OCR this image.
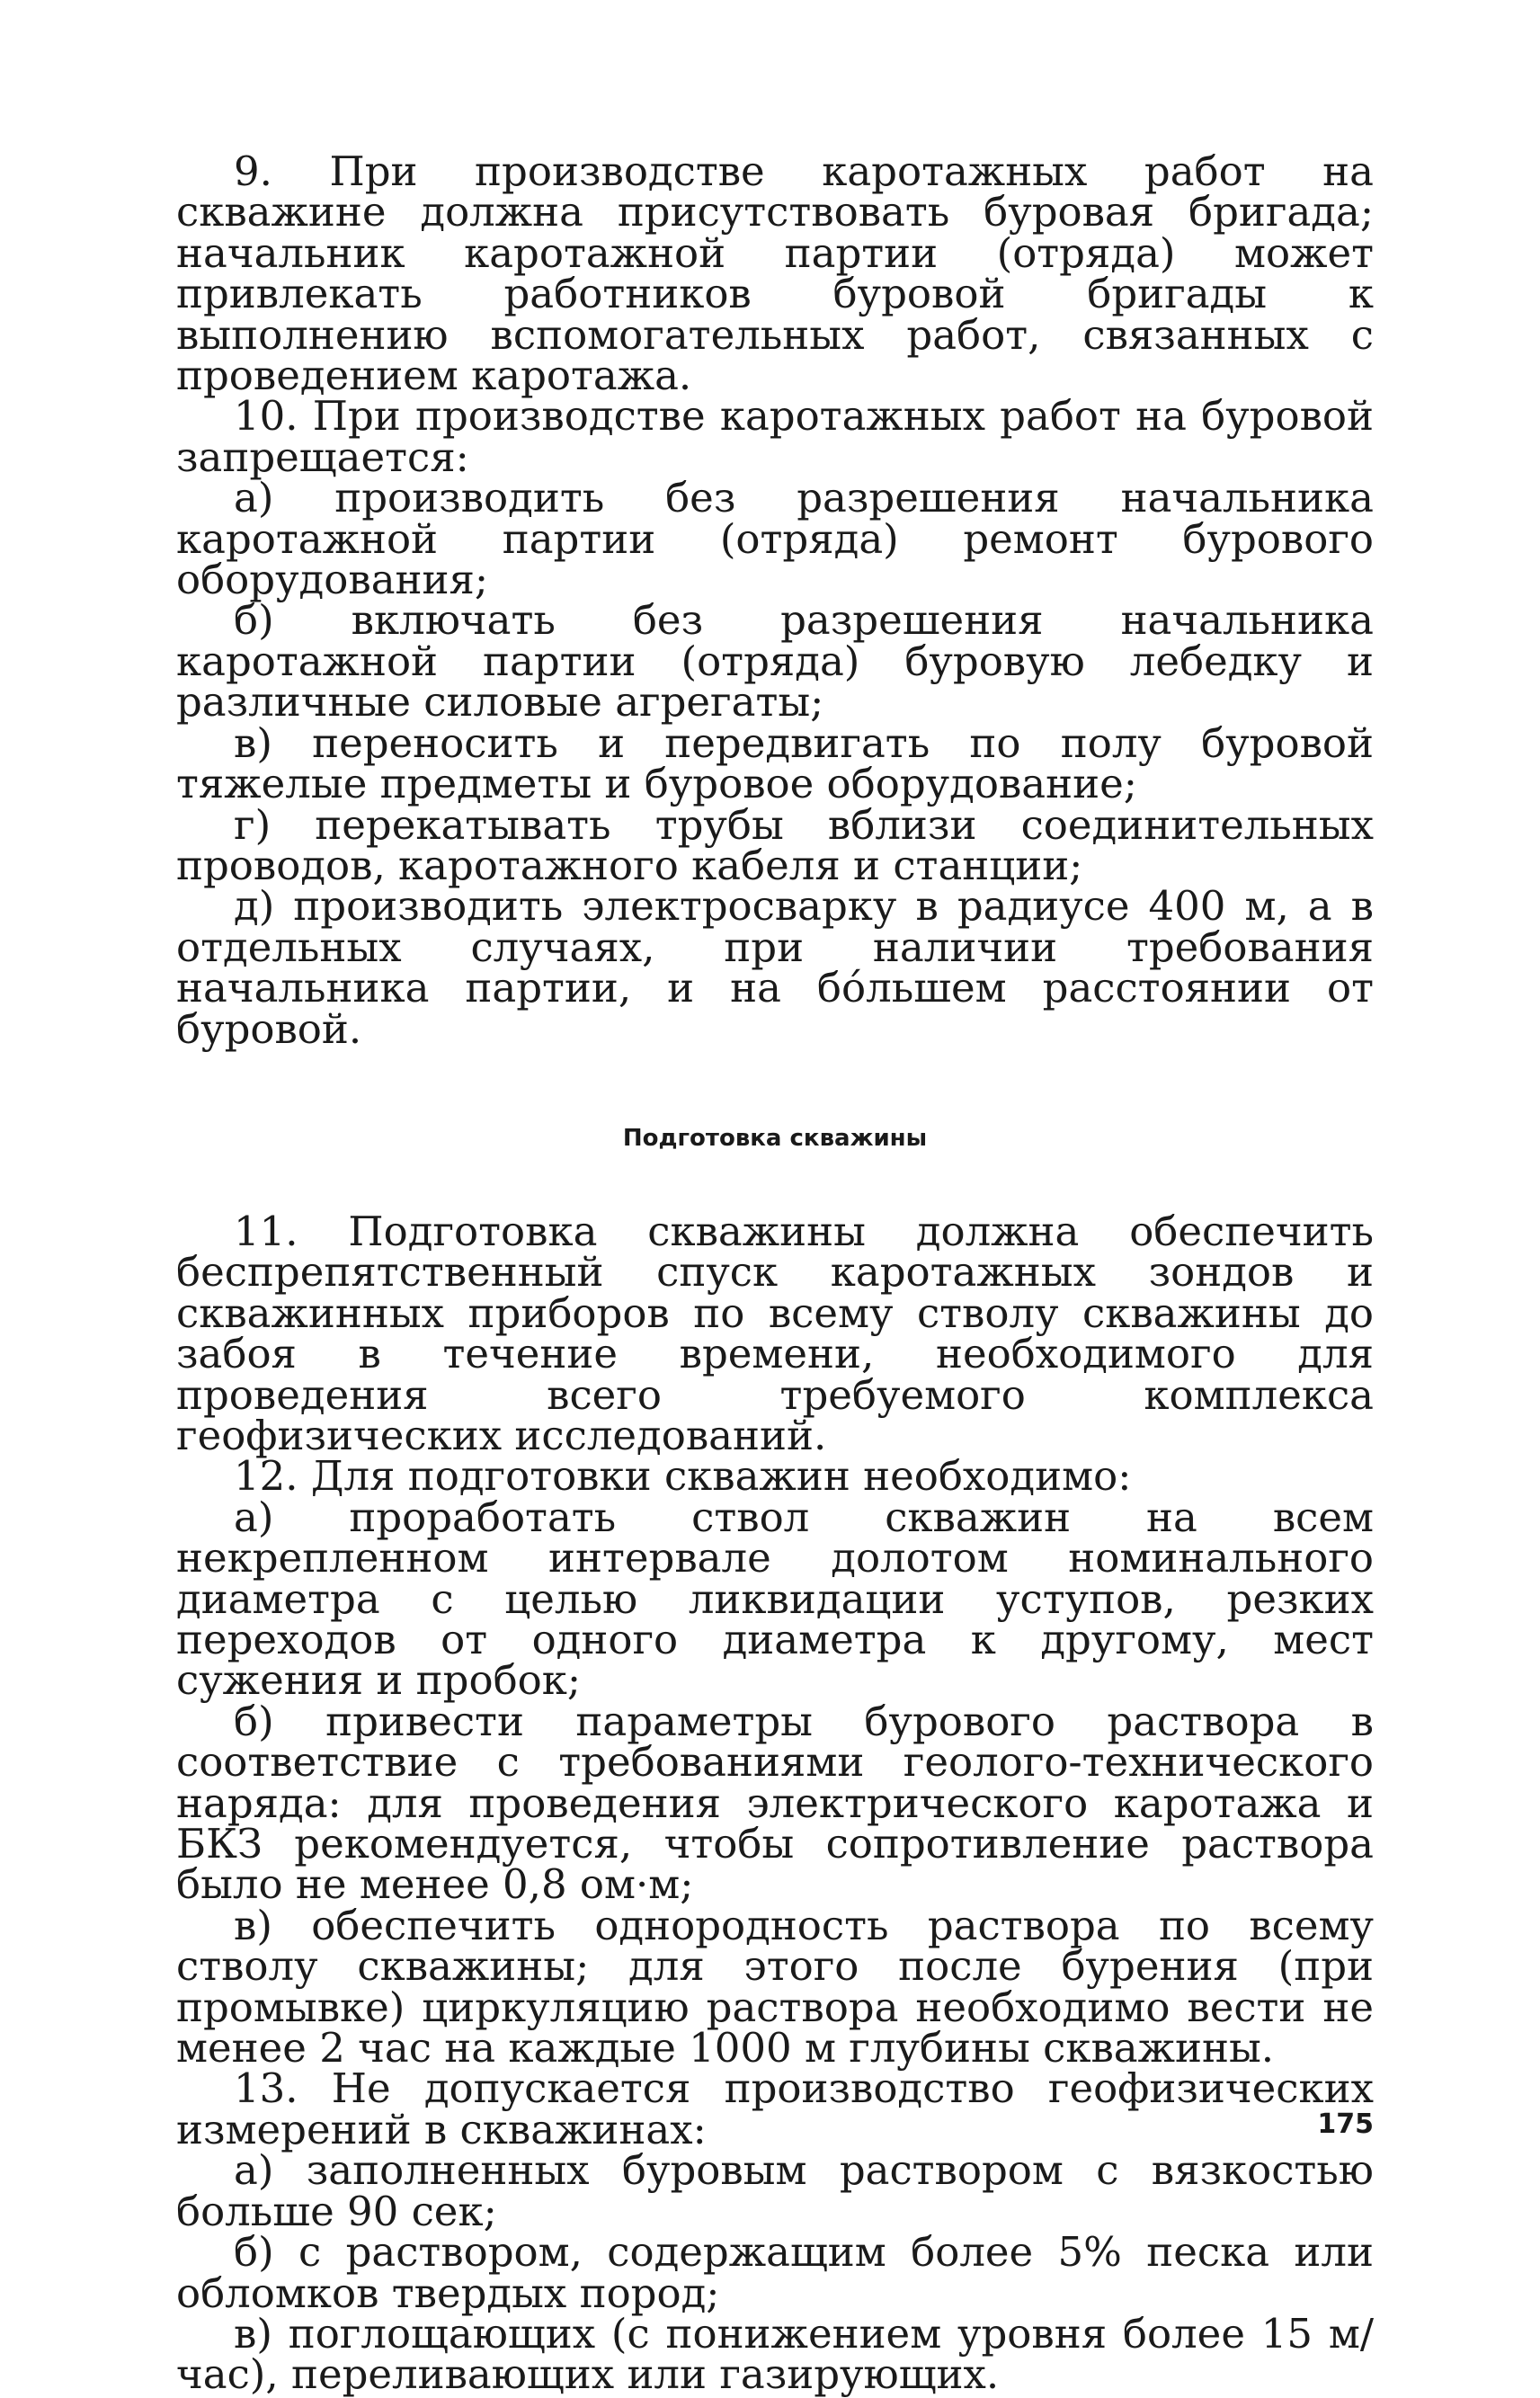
9. При производстве каротажных работ на скважине должна присутствовать буровая бригада; начальник каротажной партии (отряда) может привлекать работников буровой бригады к выполнению вспомогательных работ, связанных с проведением каротажа.

10. При производстве каротажных работ на буровой запрещается:

а) производить без разрешения начальника каротажной партии (отряда) ремонт бурового оборудования;

б) включать без разрешения начальника каротажной партии (отряда) буровую лебедку и различные силовые агрегаты;

в) переносить и передвигать по полу буровой тяжелые предметы и буровое оборудование;

г) перекатывать трубы вблизи соединительных проводов, каротажного кабеля и станции;

д) производить электросварку в радиусе 400 м, а в отдельных случаях, при наличии требования начальника партии, и на бóльшем расстоянии от буровой.

Подготовка скважины

11. Подготовка скважины должна обеспечить беспрепятственный спуск каротажных зондов и скважинных приборов по всему стволу скважины до забоя в течение времени, необходимого для проведения всего требуемого комплекса геофизических исследований.

12. Для подготовки скважин необходимо:

а) проработать ствол скважин на всем некрепленном интервале долотом номинального диаметра с целью ликвидации уступов, резких переходов от одного диаметра к другому, мест сужения и пробок;

б) привести параметры бурового раствора в соответствие с требованиями геолого-технического наряда: для проведения электрического каротажа и БКЗ рекомендуется, чтобы сопротивление раствора было не менее 0,8 ом·м;

в) обеспечить однородность раствора по всему стволу скважины; для этого после бурения (при промывке) циркуляцию раствора необходимо вести не менее 2 час на каждые 1000 м глубины скважины.

13. Не допускается производство геофизических измерений в скважинах:

а) заполненных буровым раствором с вязкостью больше 90 сек;

б) с раствором, содержащим более 5% песка или обломков твердых пород;

в) поглощающих (с понижением уровня более 15 м/час), переливающих или газирующих.

175
